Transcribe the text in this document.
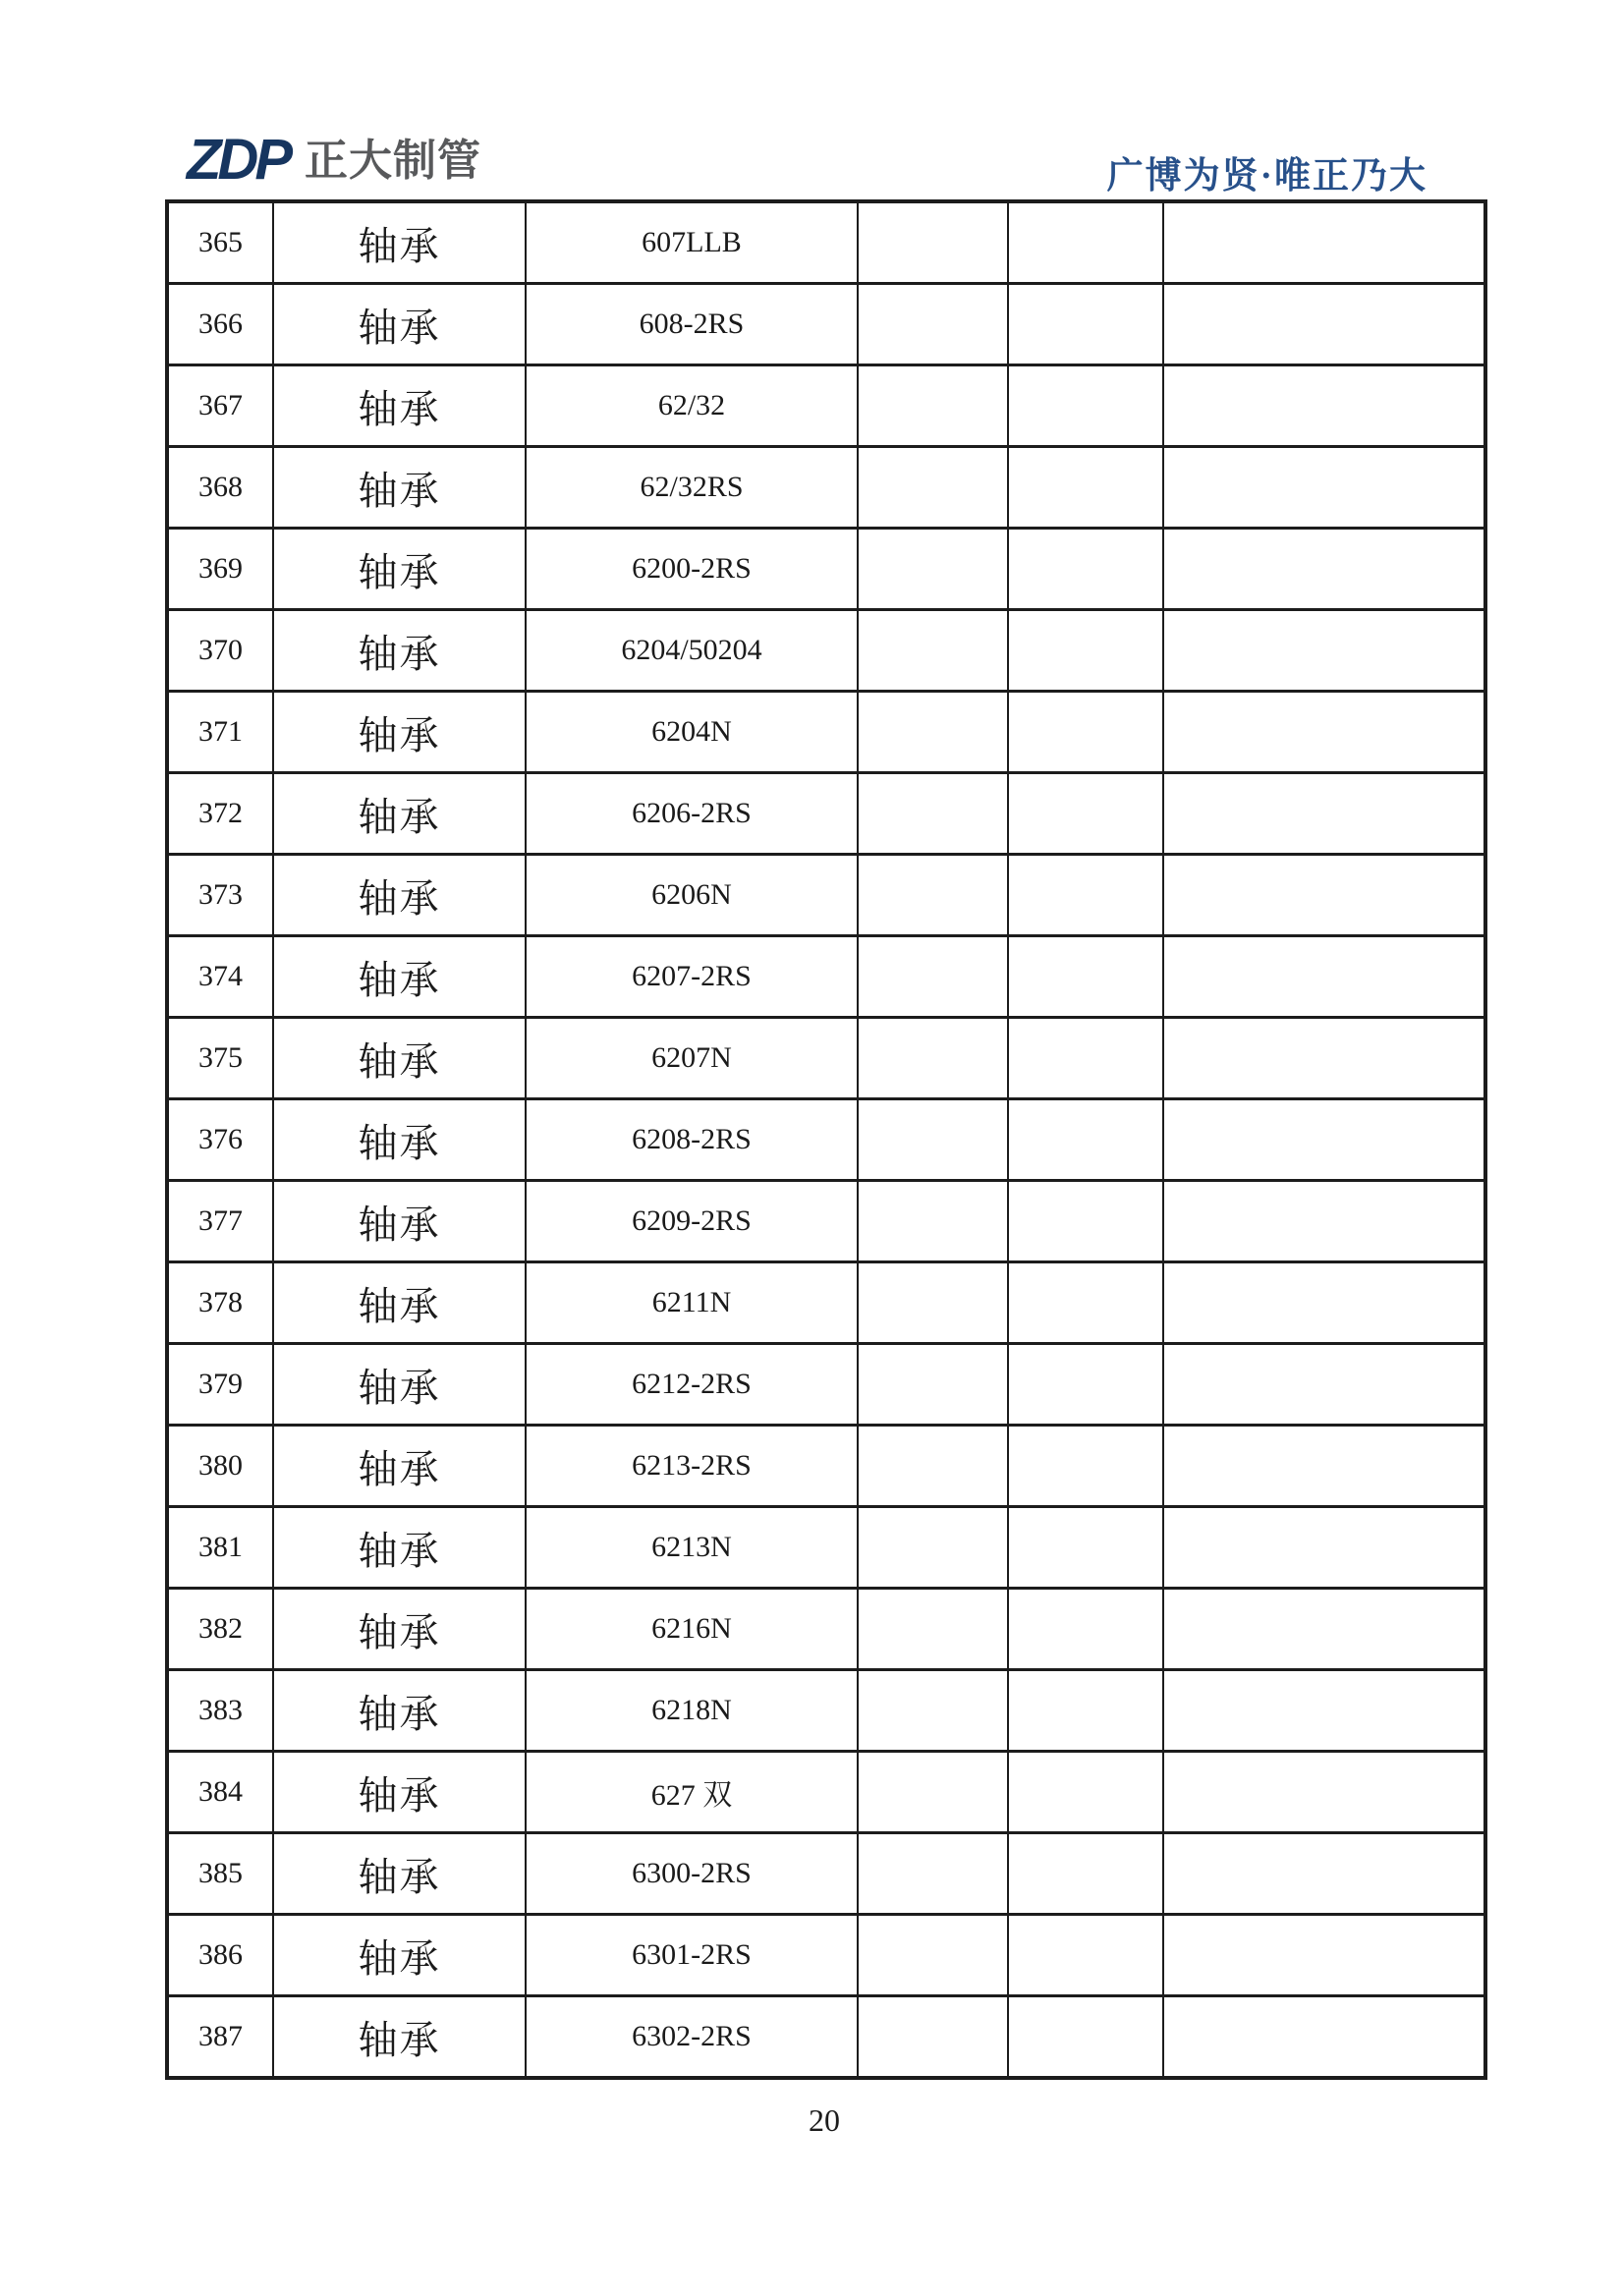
ZDP 正大制管	广博为贤·唯正乃大
365	轴承	607LLB			
366	轴承	608-2RS			
367	轴承	62/32			
368	轴承	62/32RS			
369	轴承	6200-2RS			
370	轴承	6204/50204			
371	轴承	6204N			
372	轴承	6206-2RS			
373	轴承	6206N			
374	轴承	6207-2RS			
375	轴承	6207N			
376	轴承	6208-2RS			
377	轴承	6209-2RS			
378	轴承	6211N			
379	轴承	6212-2RS			
380	轴承	6213-2RS			
381	轴承	6213N			
382	轴承	6216N			
383	轴承	6218N			
384	轴承	627 双			
385	轴承	6300-2RS			
386	轴承	6301-2RS			
387	轴承	6302-2RS			
20
